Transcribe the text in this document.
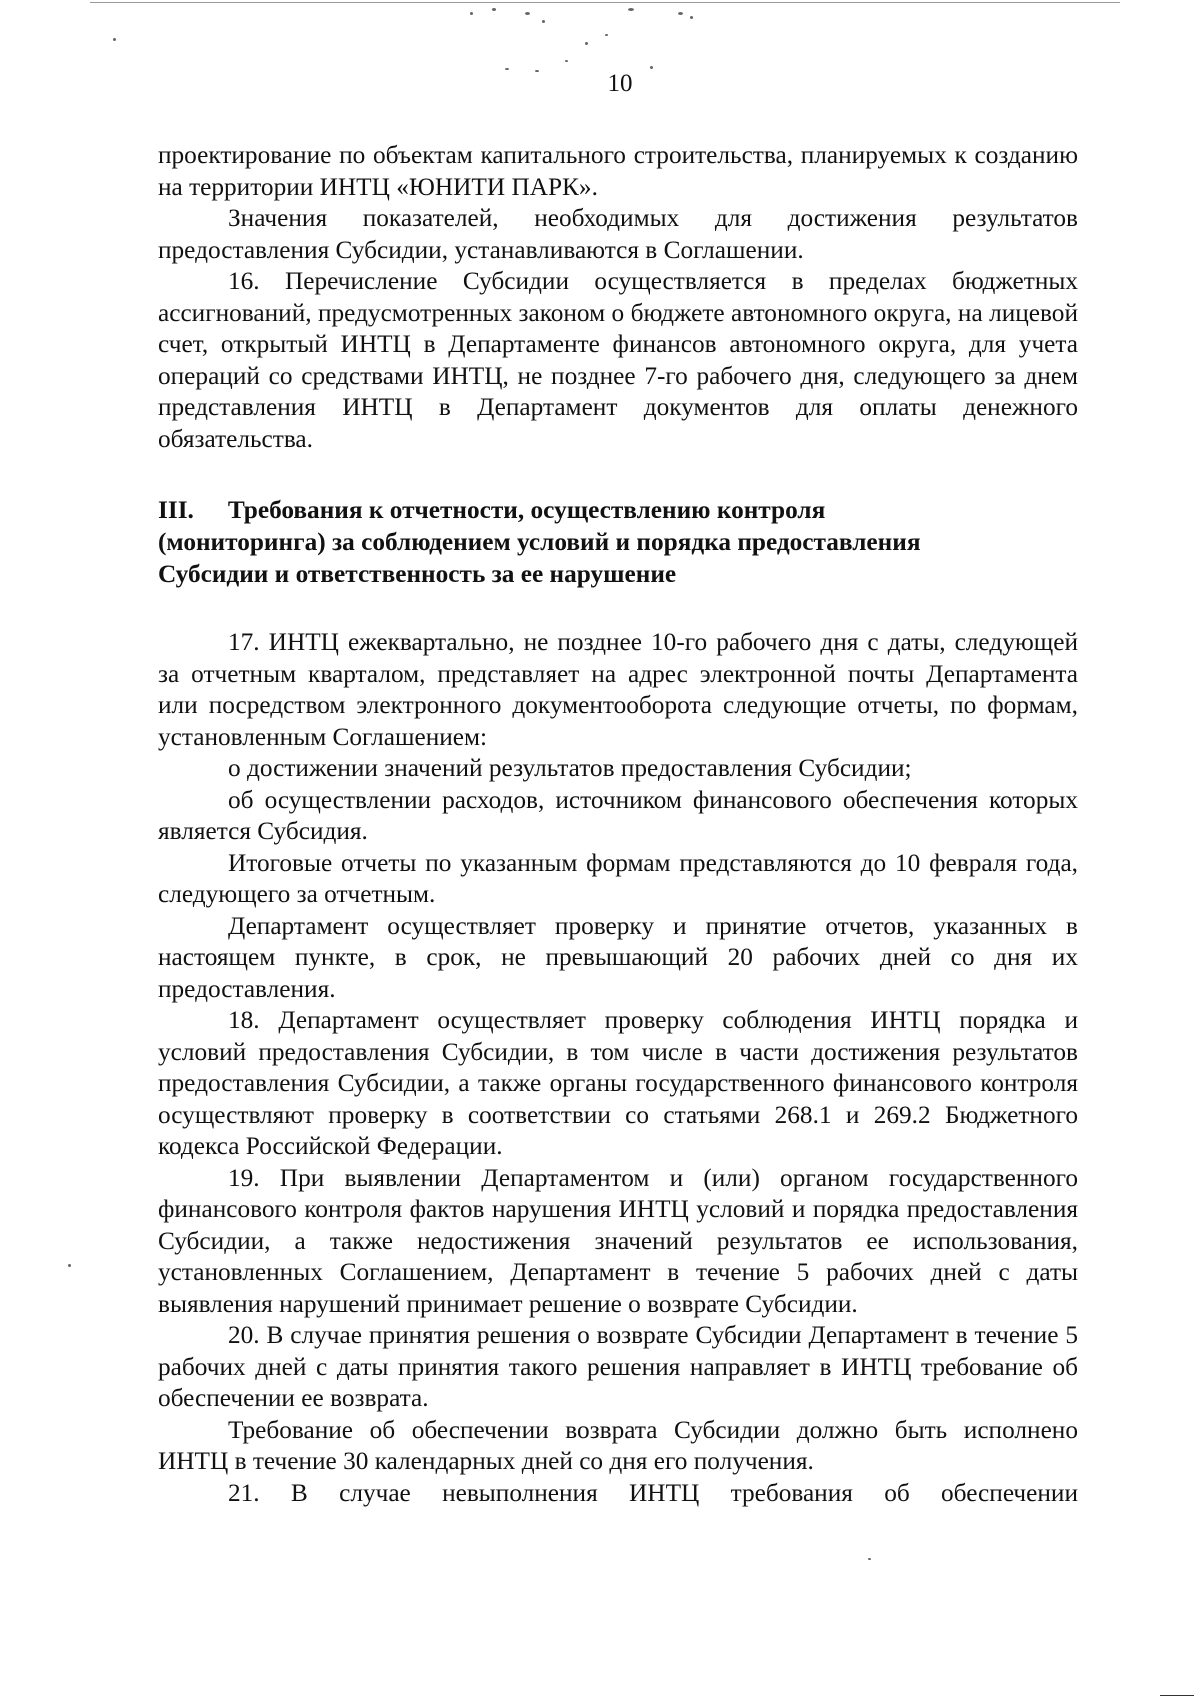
10

проектирование по объектам капитального строительства, планируемых к созданию на территории ИНТЦ «ЮНИТИ ПАРК».

Значения показателей, необходимых для достижения результатов предоставления Субсидии, устанавливаются в Соглашении.

16. Перечисление Субсидии осуществляется в пределах бюджетных ассигнований, предусмотренных законом о бюджете автономного округа, на лицевой счет, открытый ИНТЦ в Департаменте финансов автономного округа, для учета операций со средствами ИНТЦ, не позднее 7-го рабочего дня, следующего за днем представления ИНТЦ в Департамент документов для оплаты денежного обязательства.

III. Требования к отчетности, осуществлению контроля

(мониторинга) за соблюдением условий и порядка предоставления

Субсидии и ответственность за ее нарушение

17. ИНТЦ ежеквартально, не позднее 10-го рабочего дня с даты, следующей за отчетным кварталом, представляет на адрес электронной почты Департамента или посредством электронного документооборота следующие отчеты, по формам, установленным Соглашением:

о достижении значений результатов предоставления Субсидии;

об осуществлении расходов, источником финансового обеспечения которых является Субсидия.

Итоговые отчеты по указанным формам представляются до 10 февраля года, следующего за отчетным.

Департамент осуществляет проверку и принятие отчетов, указанных в настоящем пункте, в срок, не превышающий 20 рабочих дней со дня их предоставления.

18. Департамент осуществляет проверку соблюдения ИНТЦ порядка и условий предоставления Субсидии, в том числе в части достижения результатов предоставления Субсидии, а также органы государственного финансового контроля осуществляют проверку в соответствии со статьями 268.1 и 269.2 Бюджетного кодекса Российской Федерации.

19. При выявлении Департаментом и (или) органом государственного финансового контроля фактов нарушения ИНТЦ условий и порядка предоставления Субсидии, а также недостижения значений результатов ее использования, установленных Соглашением, Департамент в течение 5 рабочих дней с даты выявления нарушений принимает решение о возврате Субсидии.

20. В случае принятия решения о возврате Субсидии Департамент в течение 5 рабочих дней с даты принятия такого решения направляет в ИНТЦ требование об обеспечении ее возврата.

Требование об обеспечении возврата Субсидии должно быть исполнено ИНТЦ в течение 30 календарных дней со дня его получения.

21. В случае невыполнения ИНТЦ требования об обеспечении
